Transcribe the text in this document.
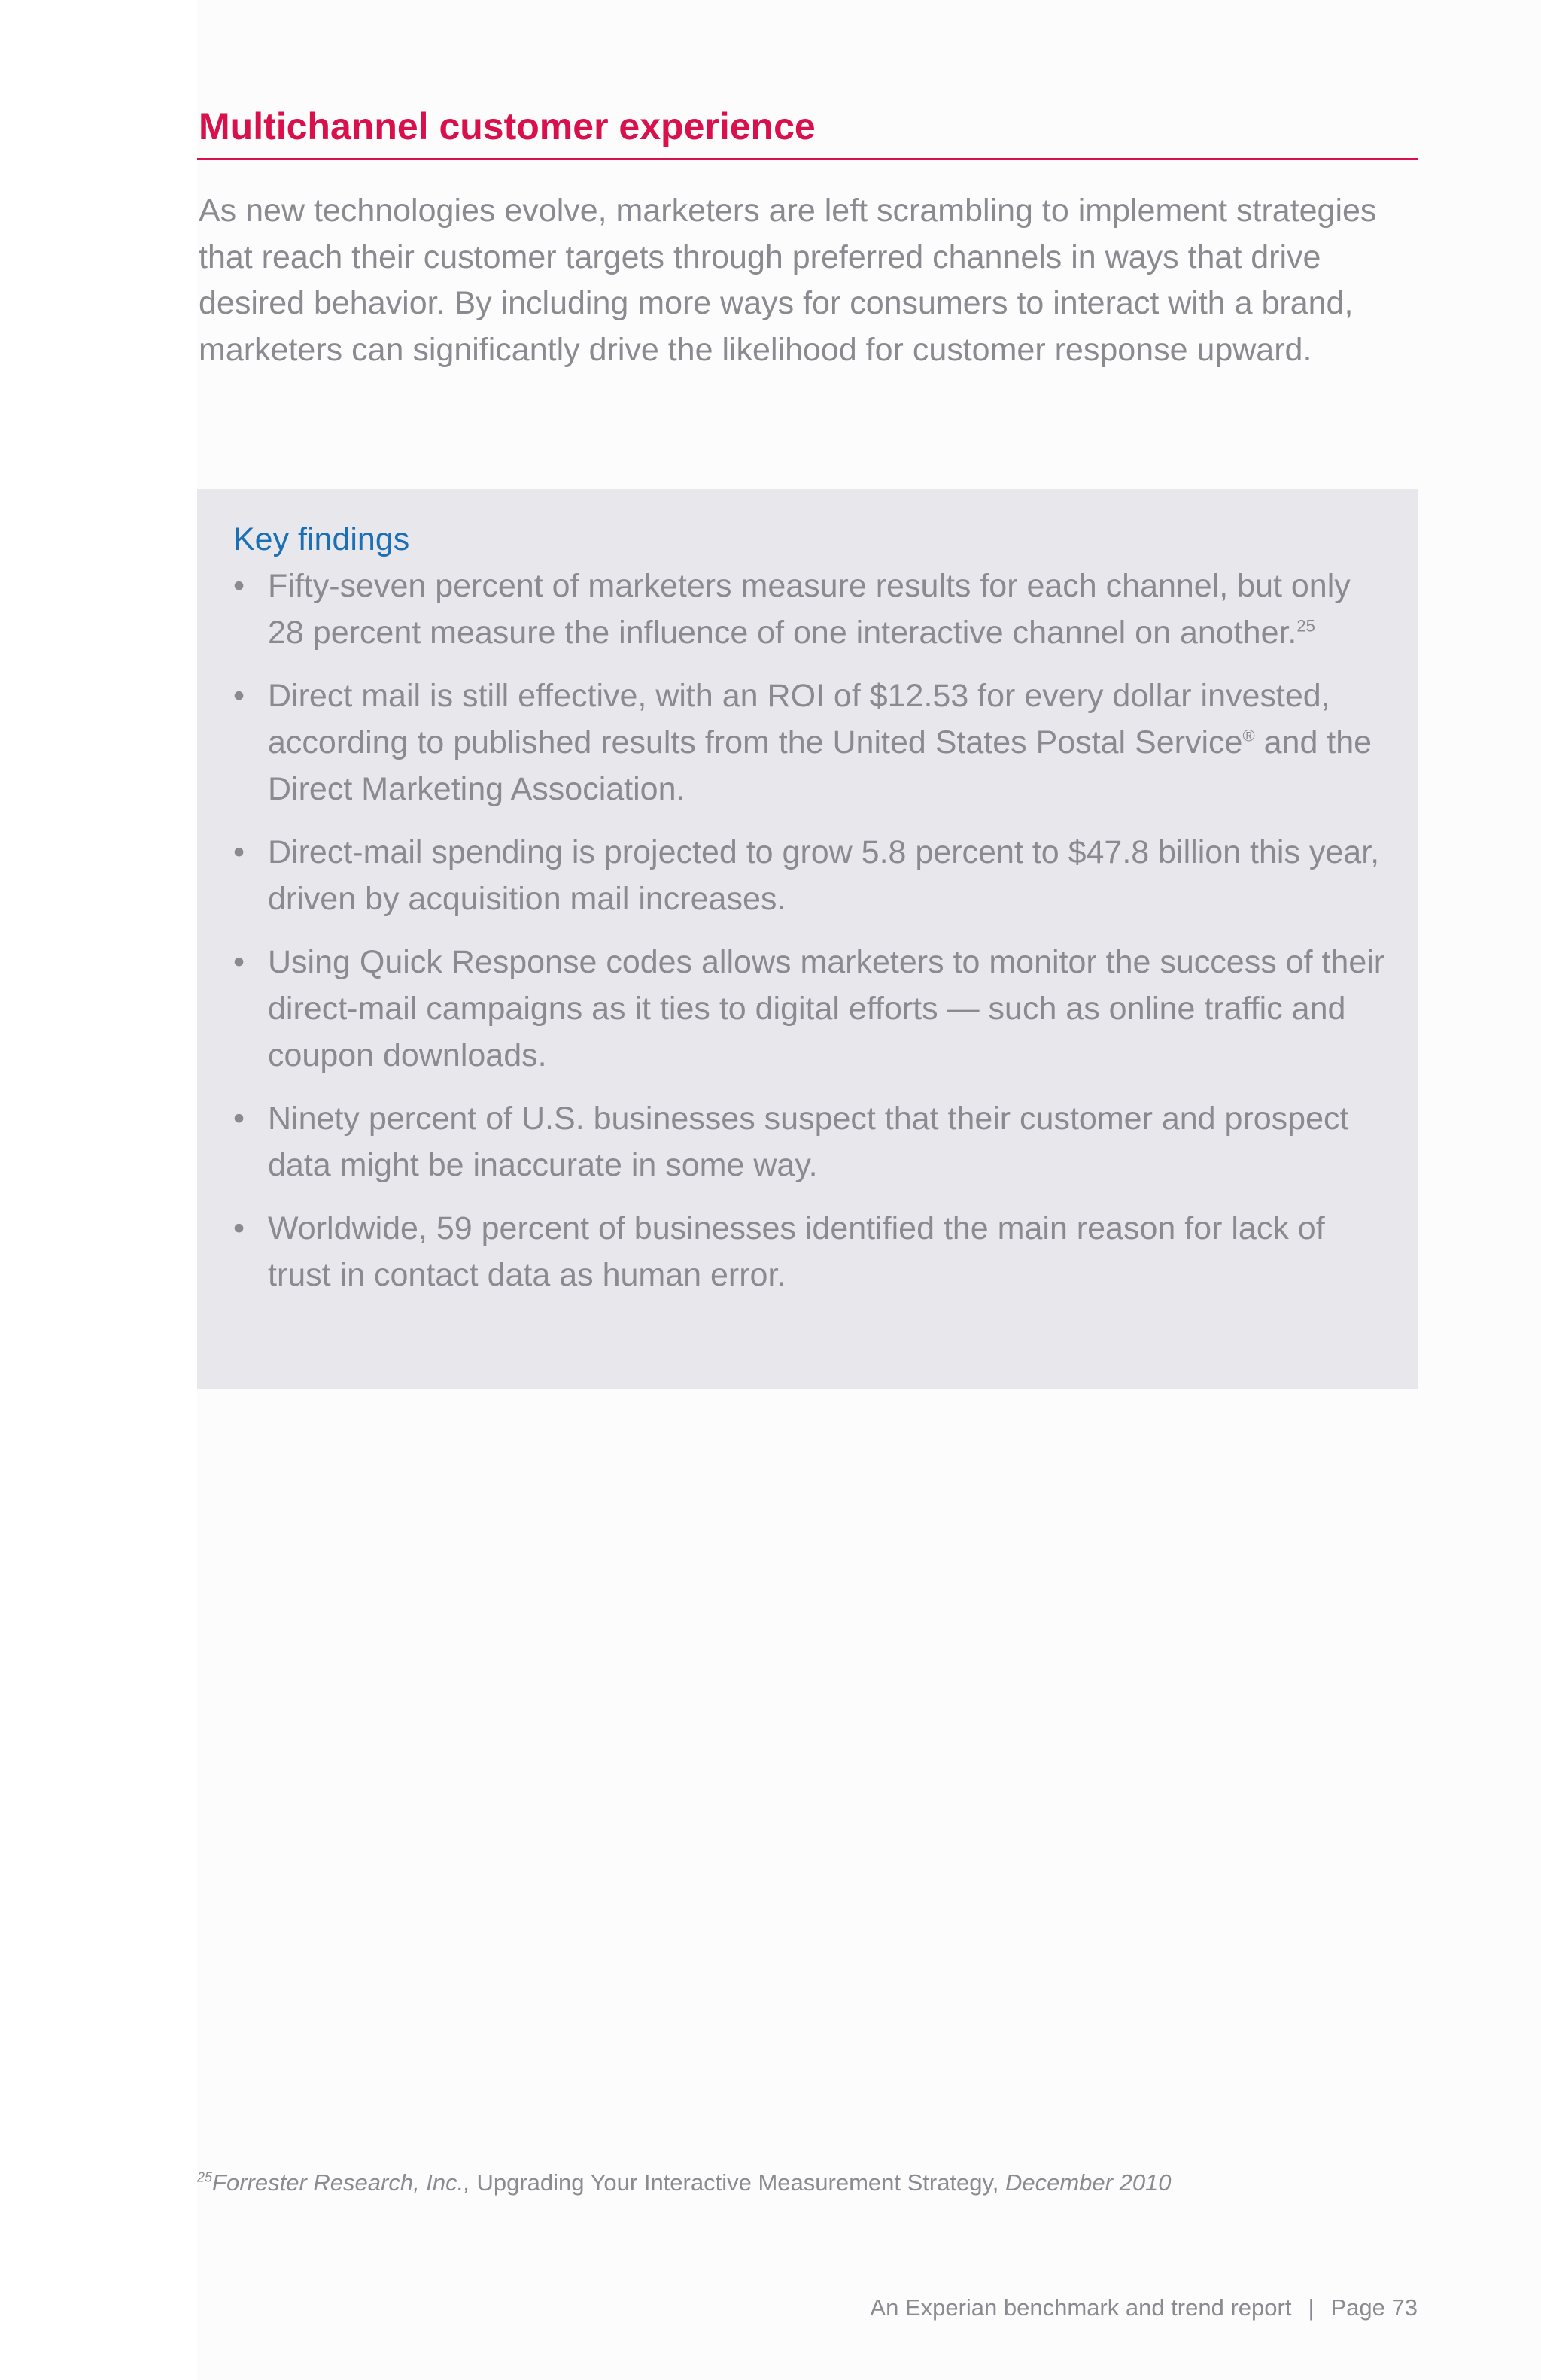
Multichannel customer experience

As new technologies evolve, marketers are left scrambling to implement strategies that reach their customer targets through preferred channels in ways that drive desired behavior. By including more ways for consumers to interact with a brand, marketers can significantly drive the likelihood for customer response upward.

Key findings
• Fifty-seven percent of marketers measure results for each channel, but only 28 percent measure the influence of one interactive channel on another.$^{25}$
• Direct mail is still effective, with an ROI of $12.53 for every dollar invested, according to published results from the United States Postal Service® and the Direct Marketing Association.
• Direct-mail spending is projected to grow 5.8 percent to $47.8 billion this year, driven by acquisition mail increases.
• Using Quick Response codes allows marketers to monitor the success of their direct-mail campaigns as it ties to digital efforts — such as online traffic and coupon downloads.
• Ninety percent of U.S. businesses suspect that their customer and prospect data might be inaccurate in some way.
• Worldwide, 59 percent of businesses identified the main reason for lack of trust in contact data as human error.

$^{25}$Forrester Research, Inc., Upgrading Your Interactive Measurement Strategy, December 2010

An Experian benchmark and trend report | Page 73
